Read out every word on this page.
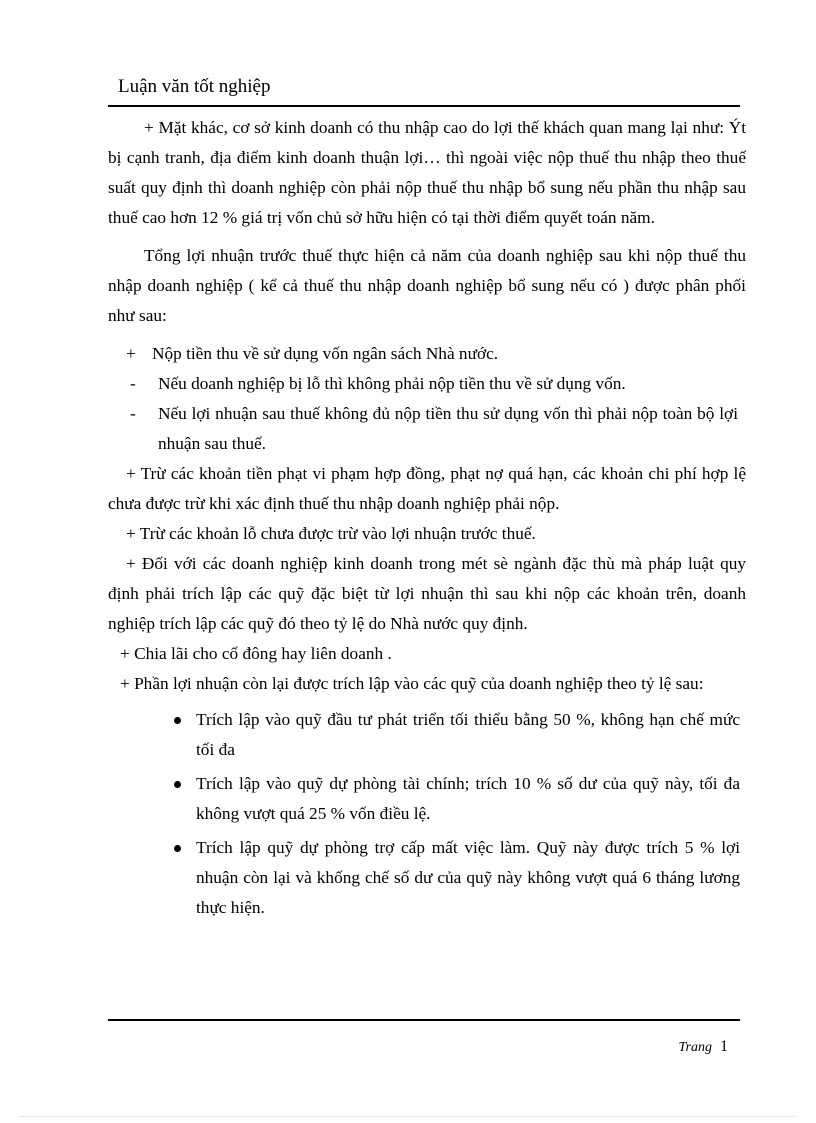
Luận văn tốt nghiệp

+ Mặt khác, cơ sở kinh doanh có thu nhập cao do lợi thế khách quan mang lại như: Ýt bị cạnh tranh, địa điểm kinh doanh thuận lợi… thì ngoài việc nộp thuế thu nhập theo thuế suất quy định thì doanh nghiệp còn phải nộp thuế thu nhập bổ sung nếu phần thu nhập sau thuế cao hơn 12 % giá trị vốn chủ sở hữu hiện có tại thời điểm quyết toán năm.

Tổng lợi nhuận trước thuế thực hiện cả năm của doanh nghiệp sau khi nộp thuế thu nhập doanh nghiệp ( kể cả thuế thu nhập doanh nghiệp bổ sung nếu có ) được phân phối như sau:

+ Nộp tiền thu về sử dụng vốn ngân sách Nhà nước.
-	Nếu doanh nghiệp bị lỗ thì không phải nộp tiền thu về sử dụng vốn.
-	Nếu lợi nhuận sau thuế không đủ nộp tiền thu sử dụng vốn thì phải nộp toàn bộ lợi nhuận sau thuế.

+ Trừ các khoản tiền phạt vi phạm hợp đồng, phạt nợ quá hạn, các khoản chi phí hợp lệ chưa được trừ khi xác định thuế thu nhập doanh nghiệp phải nộp.

+ Trừ các khoản lỗ chưa được trừ vào lợi nhuận trước thuế.

+ Đối với các doanh nghiệp kinh doanh trong mét sè ngành đặc thù mà pháp luật quy định phải trích lập các quỹ đặc biệt từ lợi nhuận thì sau khi nộp các khoản trên, doanh nghiệp trích lập các quỹ đó theo tỷ lệ do Nhà nước quy định.

+ Chia lãi cho cổ đông hay liên doanh .

+ Phần lợi nhuận còn lại được trích lập vào các quỹ của doanh nghiệp theo tỷ lệ sau:

Trích lập vào quỹ đầu tư phát triển tối thiểu bằng 50 %, không hạn chế mức tối đa
Trích lập vào quỹ dự phòng tài chính; trích 10 % số dư của quỹ này, tối đa không vượt quá 25 % vốn điều lệ.
Trích lập quỹ dự phòng trợ cấp mất việc làm. Quỹ này được trích 5 % lợi nhuận còn lại và khống chế số dư của quỹ này không vượt quá 6 tháng lương thực hiện.
Trang 1
